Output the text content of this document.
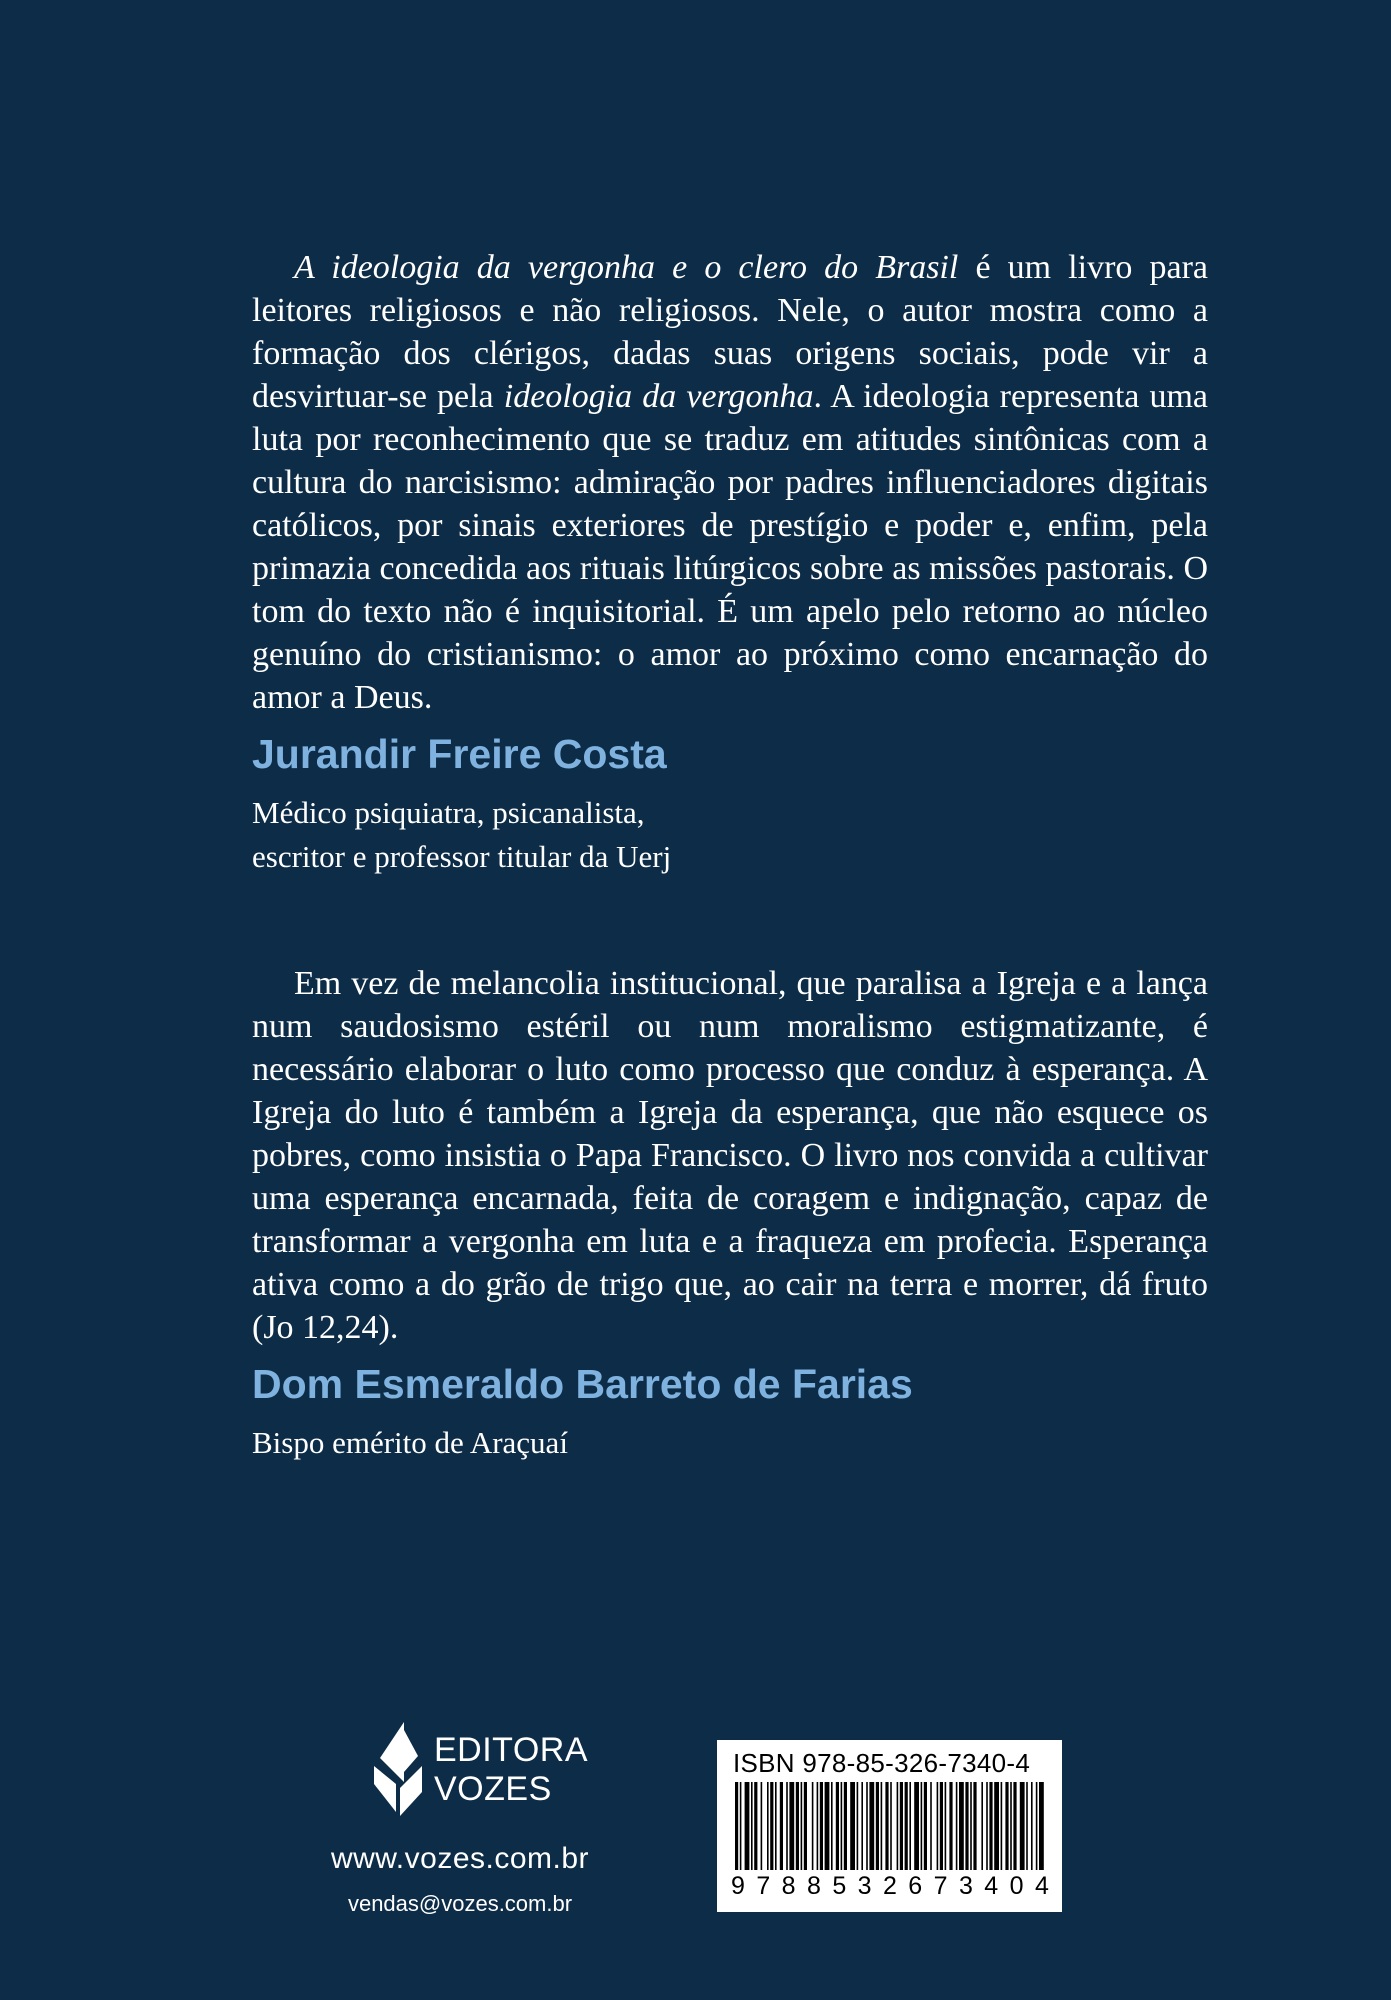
A ideologia da vergonha e o clero do Brasil é um livro para leitores religiosos e não religiosos. Nele, o autor mostra como a formação dos clérigos, dadas suas origens sociais, pode vir a desvirtuar-se pela ideologia da vergonha. A ideologia representa uma luta por reconhecimento que se traduz em atitudes sintônicas com a cultura do narcisismo: admiração por padres influenciadores digitais católicos, por sinais exteriores de prestígio e poder e, enfim, pela primazia concedida aos rituais litúrgicos sobre as missões pastorais. O tom do texto não é inquisitorial. É um apelo pelo retorno ao núcleo genuíno do cristianismo: o amor ao próximo como encarnação do amor a Deus.

Jurandir Freire Costa
Médico psiquiatra, psicanalista,
escritor e professor titular da Uerj

Em vez de melancolia institucional, que paralisa a Igreja e a lança num saudosismo estéril ou num moralismo estigmatizante, é necessário elaborar o luto como processo que conduz à esperança. A Igreja do luto é também a Igreja da esperança, que não esquece os pobres, como insistia o Papa Francisco. O livro nos convida a cultivar uma esperança encarnada, feita de coragem e indignação, capaz de transformar a vergonha em luta e a fraqueza em profecia. Esperança ativa como a do grão de trigo que, ao cair na terra e morrer, dá fruto (Jo 12,24).

Dom Esmeraldo Barreto de Farias
Bispo emérito de Araçuaí
EDITORA
VOZES
www.vozes.com.br
vendas@vozes.com.br
ISBN 978-85-326-7340-4
9 7 8 8 5 3 2 6 7 3 4 0 4
